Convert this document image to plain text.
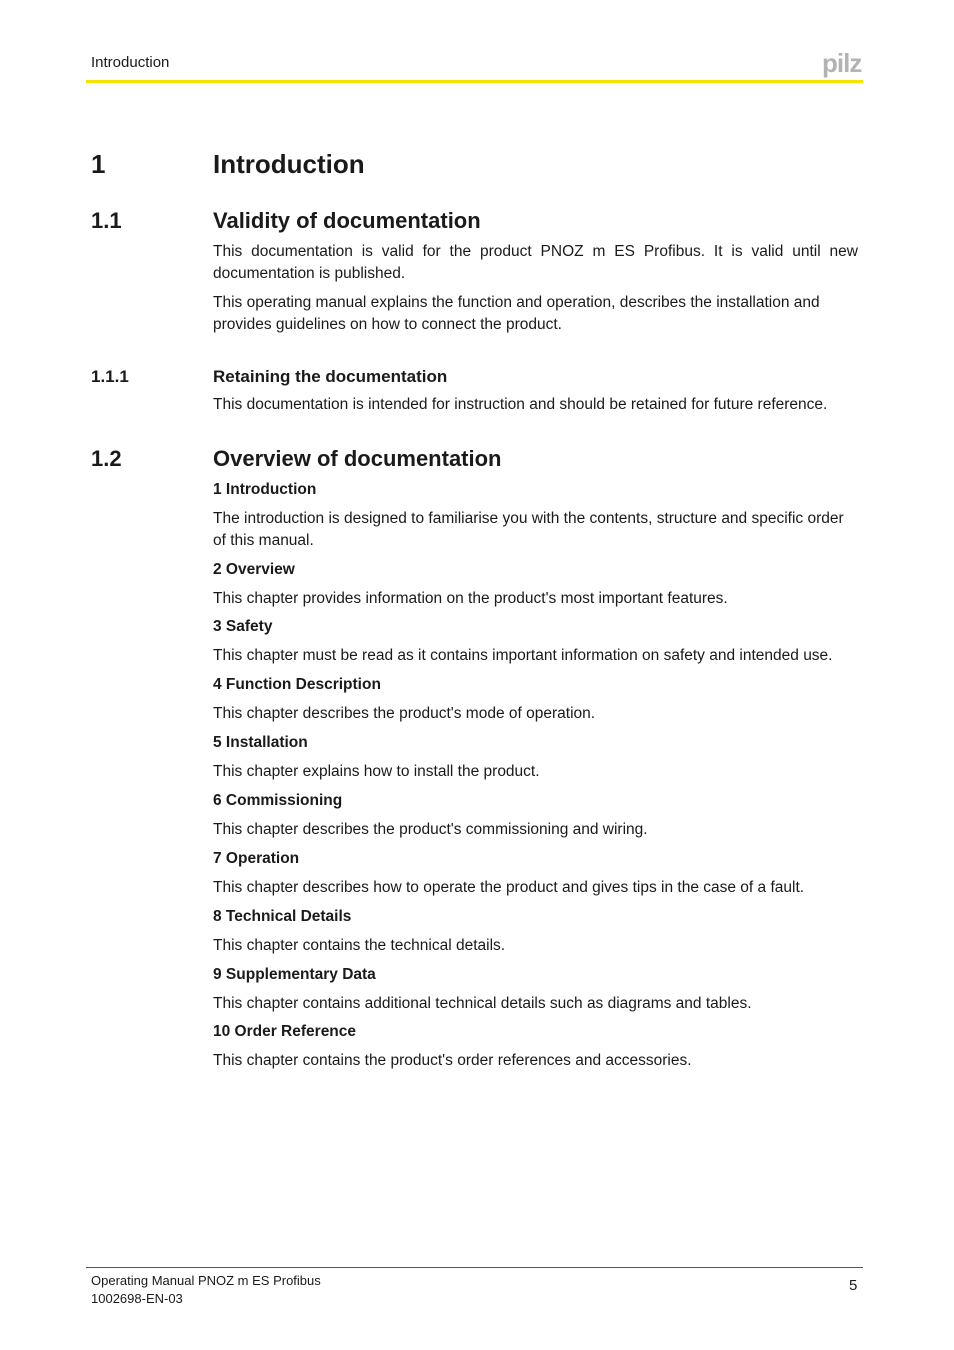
Introduction	pilz
1	Introduction
1.1	Validity of documentation

This documentation is valid for the product PNOZ m ES Profibus. It is valid until new documentation is published.

This operating manual explains the function and operation, describes the installation and provides guidelines on how to connect the product.

1.1.1	Retaining the documentation

This documentation is intended for instruction and should be retained for future reference.

1.2	Overview of documentation
1 Introduction
The introduction is designed to familiarise you with the contents, structure and specific order of this manual.
2 Overview
This chapter provides information on the product's most important features.
3 Safety
This chapter must be read as it contains important information on safety and intended use.
4 Function Description
This chapter describes the product's mode of operation.
5 Installation
This chapter explains how to install the product.
6 Commissioning
This chapter describes the product's commissioning and wiring.
7 Operation
This chapter describes how to operate the product and gives tips in the case of a fault.
8 Technical Details
This chapter contains the technical details.
9 Supplementary Data
This chapter contains additional technical details such as diagrams and tables.
10 Order Reference
This chapter contains the product's order references and accessories.
Operating Manual PNOZ m ES Profibus
1002698-EN-03
5
